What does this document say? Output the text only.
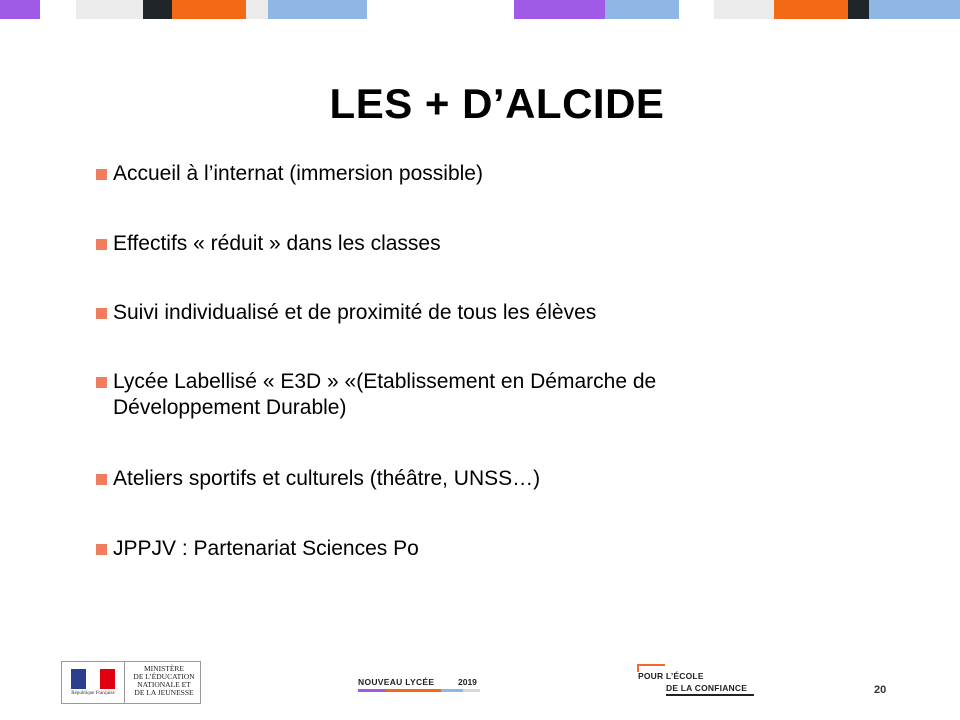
LES + D’ALCIDE
Accueil à l’internat (immersion possible)
Effectifs « réduit » dans les classes
Suivi individualisé et de proximité de tous les élèves
Lycée Labellisé « E3D » «(Etablissement en Démarche de Développement Durable)
Ateliers sportifs et culturels (théâtre, UNSS…)
JPPJV : Partenariat Sciences Po
République Française
MINISTÈRE
DE L’ÉDUCATION
NATIONALE ET
DE LA JEUNESSE
NOUVEAU LYCÉE	2019
POUR L’ÉCOLE
DE LA CONFIANCE	20
